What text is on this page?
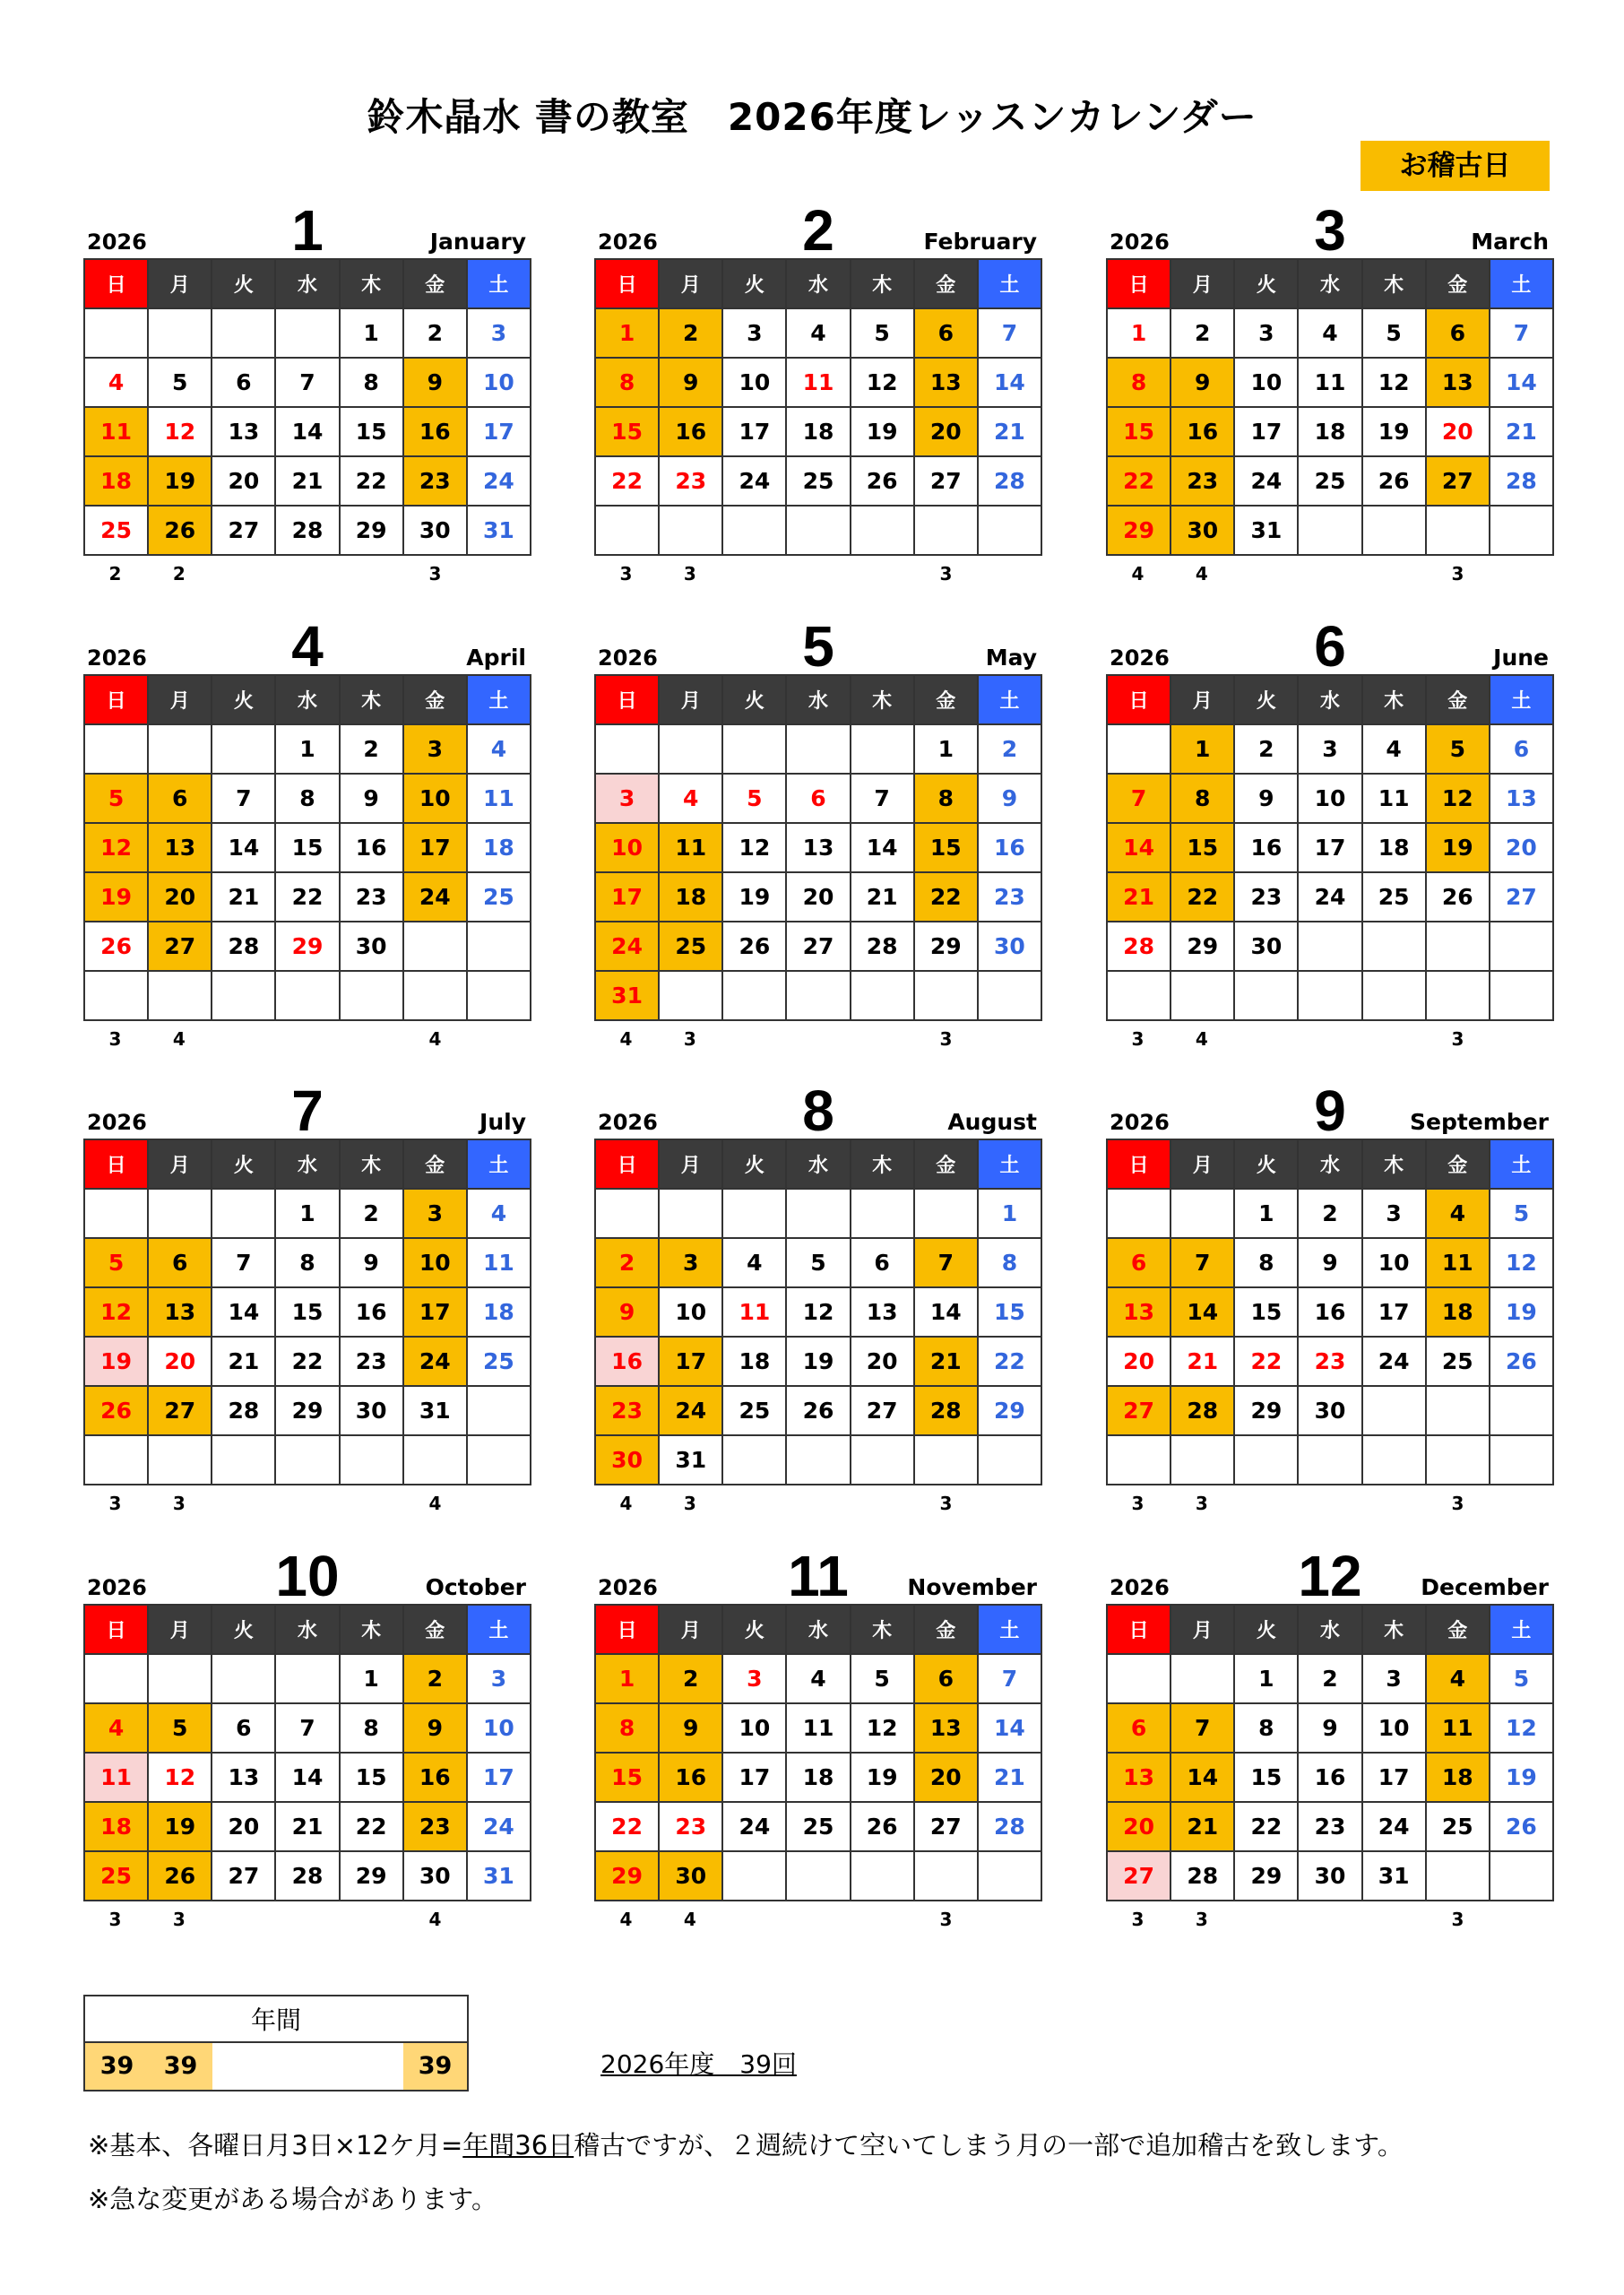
鈴木晶水 書の教室　2026年度レッスンカレンダー
お稽古日
2026	1	January
日	月	火	水	木	金	土
				1	2	3
4	5	6	7	8	9	10
11	12	13	14	15	16	17
18	19	20	21	22	23	24
25	26	27	28	29	30	31
2	2	3
2026	2	February
日	月	火	水	木	金	土
1	2	3	4	5	6	7
8	9	10	11	12	13	14
15	16	17	18	19	20	21
22	23	24	25	26	27	28

3	3	3
2026	3	March
日	月	火	水	木	金	土
1	2	3	4	5	6	7
8	9	10	11	12	13	14
15	16	17	18	19	20	21
22	23	24	25	26	27	28
29	30	31				
4	4	3
2026	4	April
日	月	火	水	木	金	土
			1	2	3	4
5	6	7	8	9	10	11
12	13	14	15	16	17	18
19	20	21	22	23	24	25
26	27	28	29	30		

3	4	4
2026	5	May
日	月	火	水	木	金	土
					1	2
3	4	5	6	7	8	9
10	11	12	13	14	15	16
17	18	19	20	21	22	23
24	25	26	27	28	29	30
31						
4	3	3
2026	6	June
日	月	火	水	木	金	土
	1	2	3	4	5	6
7	8	9	10	11	12	13
14	15	16	17	18	19	20
21	22	23	24	25	26	27
28	29	30				

3	4	3
2026	7	July
日	月	火	水	木	金	土
			1	2	3	4
5	6	7	8	9	10	11
12	13	14	15	16	17	18
19	20	21	22	23	24	25
26	27	28	29	30	31	

3	3	4
2026	8	August
日	月	火	水	木	金	土
						1
2	3	4	5	6	7	8
9	10	11	12	13	14	15
16	17	18	19	20	21	22
23	24	25	26	27	28	29
30	31					
4	3	3
2026	9	September
日	月	火	水	木	金	土
		1	2	3	4	5
6	7	8	9	10	11	12
13	14	15	16	17	18	19
20	21	22	23	24	25	26
27	28	29	30			

3	3	3
2026	10	October
日	月	火	水	木	金	土
				1	2	3
4	5	6	7	8	9	10
11	12	13	14	15	16	17
18	19	20	21	22	23	24
25	26	27	28	29	30	31
3	3	4
2026	11	November
日	月	火	水	木	金	土
1	2	3	4	5	6	7
8	9	10	11	12	13	14
15	16	17	18	19	20	21
22	23	24	25	26	27	28
29	30					
4	4	3
2026	12	December
日	月	火	水	木	金	土
		1	2	3	4	5
6	7	8	9	10	11	12
13	14	15	16	17	18	19
20	21	22	23	24	25	26
27	28	29	30	31		
3	3	3
年間

39	39	39	2026年度　39回
※基本、各曜日月3日×12ケ月=年間36日稽古ですが、２週続けて空いてしまう月の一部で追加稽古を致します。
※急な変更がある場合があります。
